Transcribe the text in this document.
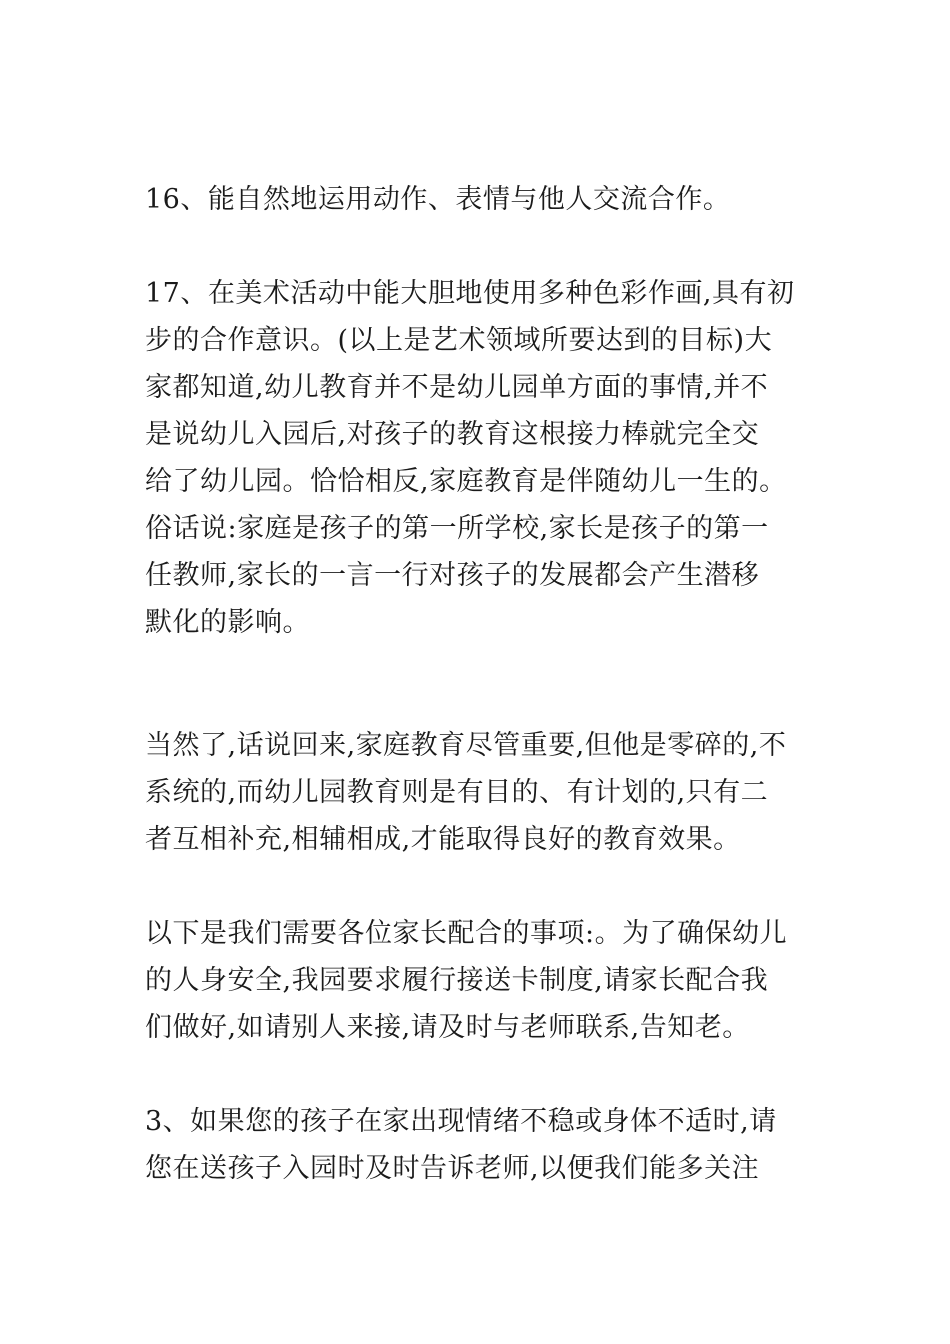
16、能自然地运用动作、表情与他人交流合作。
17、在美术活动中能大胆地使用多种色彩作画,具有初
步的合作意识。(以上是艺术领域所要达到的目标)大
家都知道,幼儿教育并不是幼儿园单方面的事情,并不
是说幼儿入园后,对孩子的教育这根接力棒就完全交
给了幼儿园。恰恰相反,家庭教育是伴随幼儿一生的。
俗话说:家庭是孩子的第一所学校,家长是孩子的第一
任教师,家长的一言一行对孩子的发展都会产生潜移
默化的影响。
当然了,话说回来,家庭教育尽管重要,但他是零碎的,不
系统的,而幼儿园教育则是有目的、有计划的,只有二
者互相补充,相辅相成,才能取得良好的教育效果。
以下是我们需要各位家长配合的事项:。为了确保幼儿
的人身安全,我园要求履行接送卡制度,请家长配合我
们做好,如请别人来接,请及时与老师联系,告知老。
3、如果您的孩子在家出现情绪不稳或身体不适时,请
您在送孩子入园时及时告诉老师,以便我们能多关注
